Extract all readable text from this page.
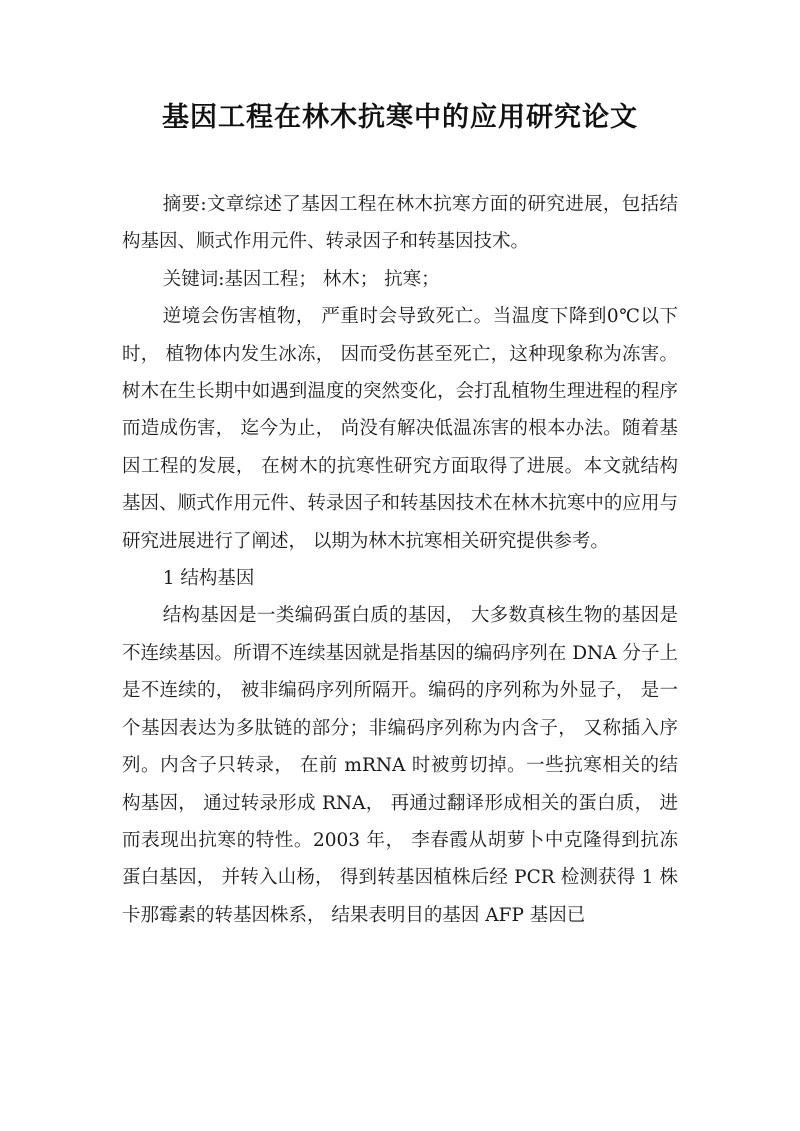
基因工程在林木抗寒中的应用研究论文

摘要:文章综述了基因工程在林木抗寒方面的研究进展，包括结构基因、顺式作用元件、转录因子和转基因技术。

关键词:基因工程； 林木； 抗寒；

逆境会伤害植物， 严重时会导致死亡。当温度下降到0℃以下时， 植物体内发生冰冻， 因而受伤甚至死亡，这种现象称为冻害。树木在生长期中如遇到温度的突然变化，会打乱植物生理进程的程序而造成伤害， 迄今为止， 尚没有解决低温冻害的根本办法。随着基因工程的发展， 在树木的抗寒性研究方面取得了进展。本文就结构基因、顺式作用元件、转录因子和转基因技术在林木抗寒中的应用与研究进展进行了阐述， 以期为林木抗寒相关研究提供参考。

1 结构基因

结构基因是一类编码蛋白质的基因， 大多数真核生物的基因是不连续基因。所谓不连续基因就是指基因的编码序列在 DNA 分子上是不连续的， 被非编码序列所隔开。编码的序列称为外显子， 是一个基因表达为多肽链的部分；非编码序列称为内含子， 又称插入序列。内含子只转录， 在前 mRNA 时被剪切掉。一些抗寒相关的结构基因， 通过转录形成 RNA， 再通过翻译形成相关的蛋白质， 进而表现出抗寒的特性。2003 年， 李春霞从胡萝卜中克隆得到抗冻蛋白基因， 并转入山杨， 得到转基因植株后经 PCR 检测获得 1 株卡那霉素的转基因株系， 结果表明目的基因 AFP 基因已
